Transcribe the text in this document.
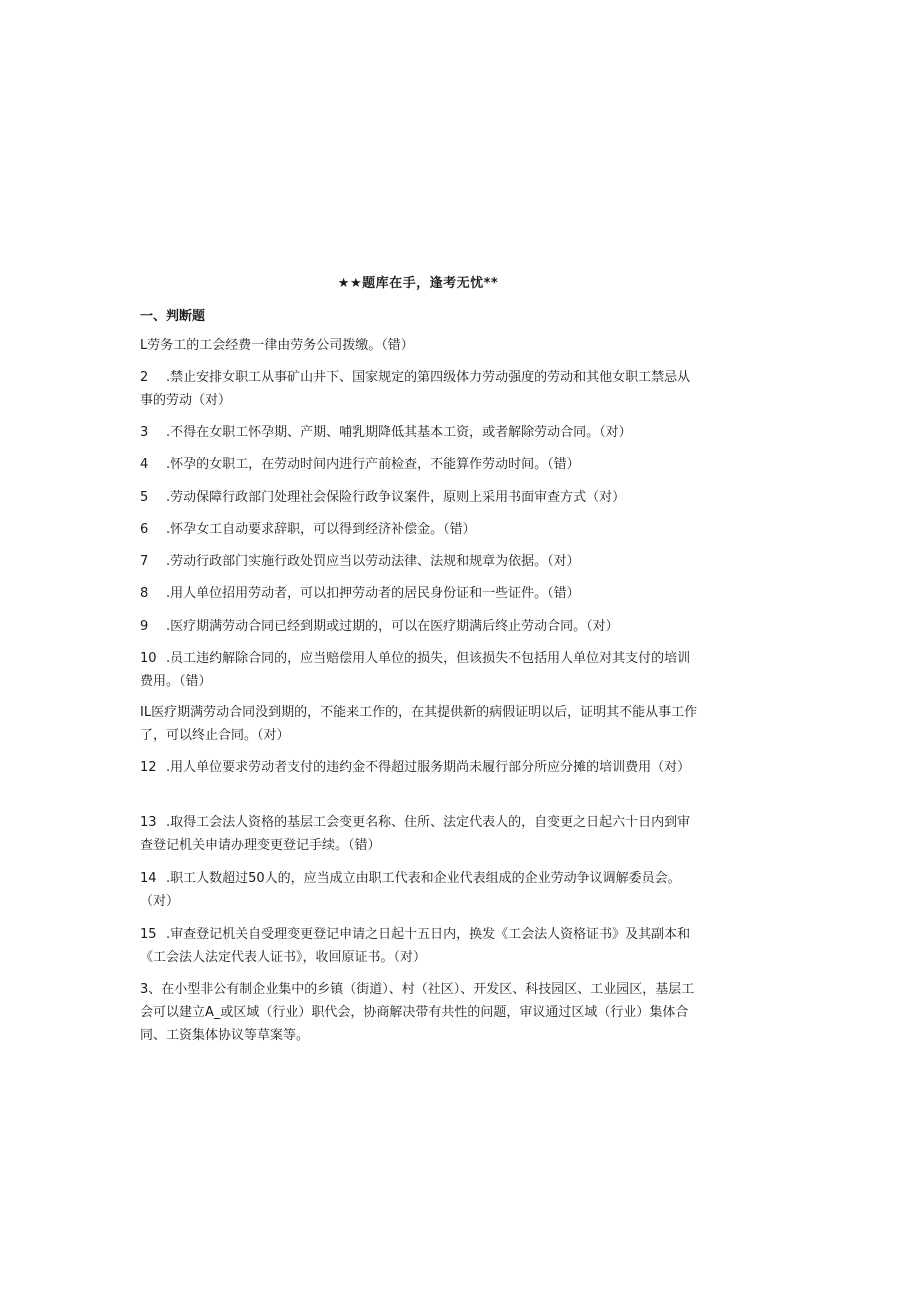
★★题库在手，逢考无忧**
一、判断题

L劳务工的工会经费一律由劳务公司拨缴。（错）

2 .禁止安排女职工从事矿山井下、国家规定的第四级体力劳动强度的劳动和其他女职工禁忌从事的劳动（对）

3 .不得在女职工怀孕期、产期、哺乳期降低其基本工资，或者解除劳动合同。（对）

4 .怀孕的女职工，在劳动时间内进行产前检查，不能算作劳动时间。（错）

5 .劳动保障行政部门处理社会保险行政争议案件，原则上采用书面审查方式（对）

6 .怀孕女工自动要求辞职，可以得到经济补偿金。（错）

7 .劳动行政部门实施行政处罚应当以劳动法律、法规和规章为依据。（对）

8 .用人单位招用劳动者，可以扣押劳动者的居民身份证和一些证件。（错）

9 .医疗期满劳动合同已经到期或过期的，可以在医疗期满后终止劳动合同。（对）

10 .员工违约解除合同的，应当赔偿用人单位的损失，但该损失不包括用人单位对其支付的培训费用。（错）

IL医疗期满劳动合同没到期的，不能来工作的，在其提供新的病假证明以后，证明其不能从事工作了，可以终止合同。（对）

12 .用人单位要求劳动者支付的违约金不得超过服务期尚未履行部分所应分摊的培训费用（对）

13 .取得工会法人资格的基层工会变更名称、住所、法定代表人的，自变更之日起六十日内到审查登记机关申请办理变更登记手续。（错）

14 .职工人数超过50人的，应当成立由职工代表和企业代表组成的企业劳动争议调解委员会。（对）

15 .审查登记机关自受理变更登记申请之日起十五日内，换发《工会法人资格证书》及其副本和《工会法人法定代表人证书》，收回原证书。（对）

3、在小型非公有制企业集中的乡镇（街道）、村（社区）、开发区、科技园区、工业园区，基层工会可以建立A_或区域（行业）职代会，协商解决带有共性的问题，审议通过区域（行业）集体合同、工资集体协议等草案等。
